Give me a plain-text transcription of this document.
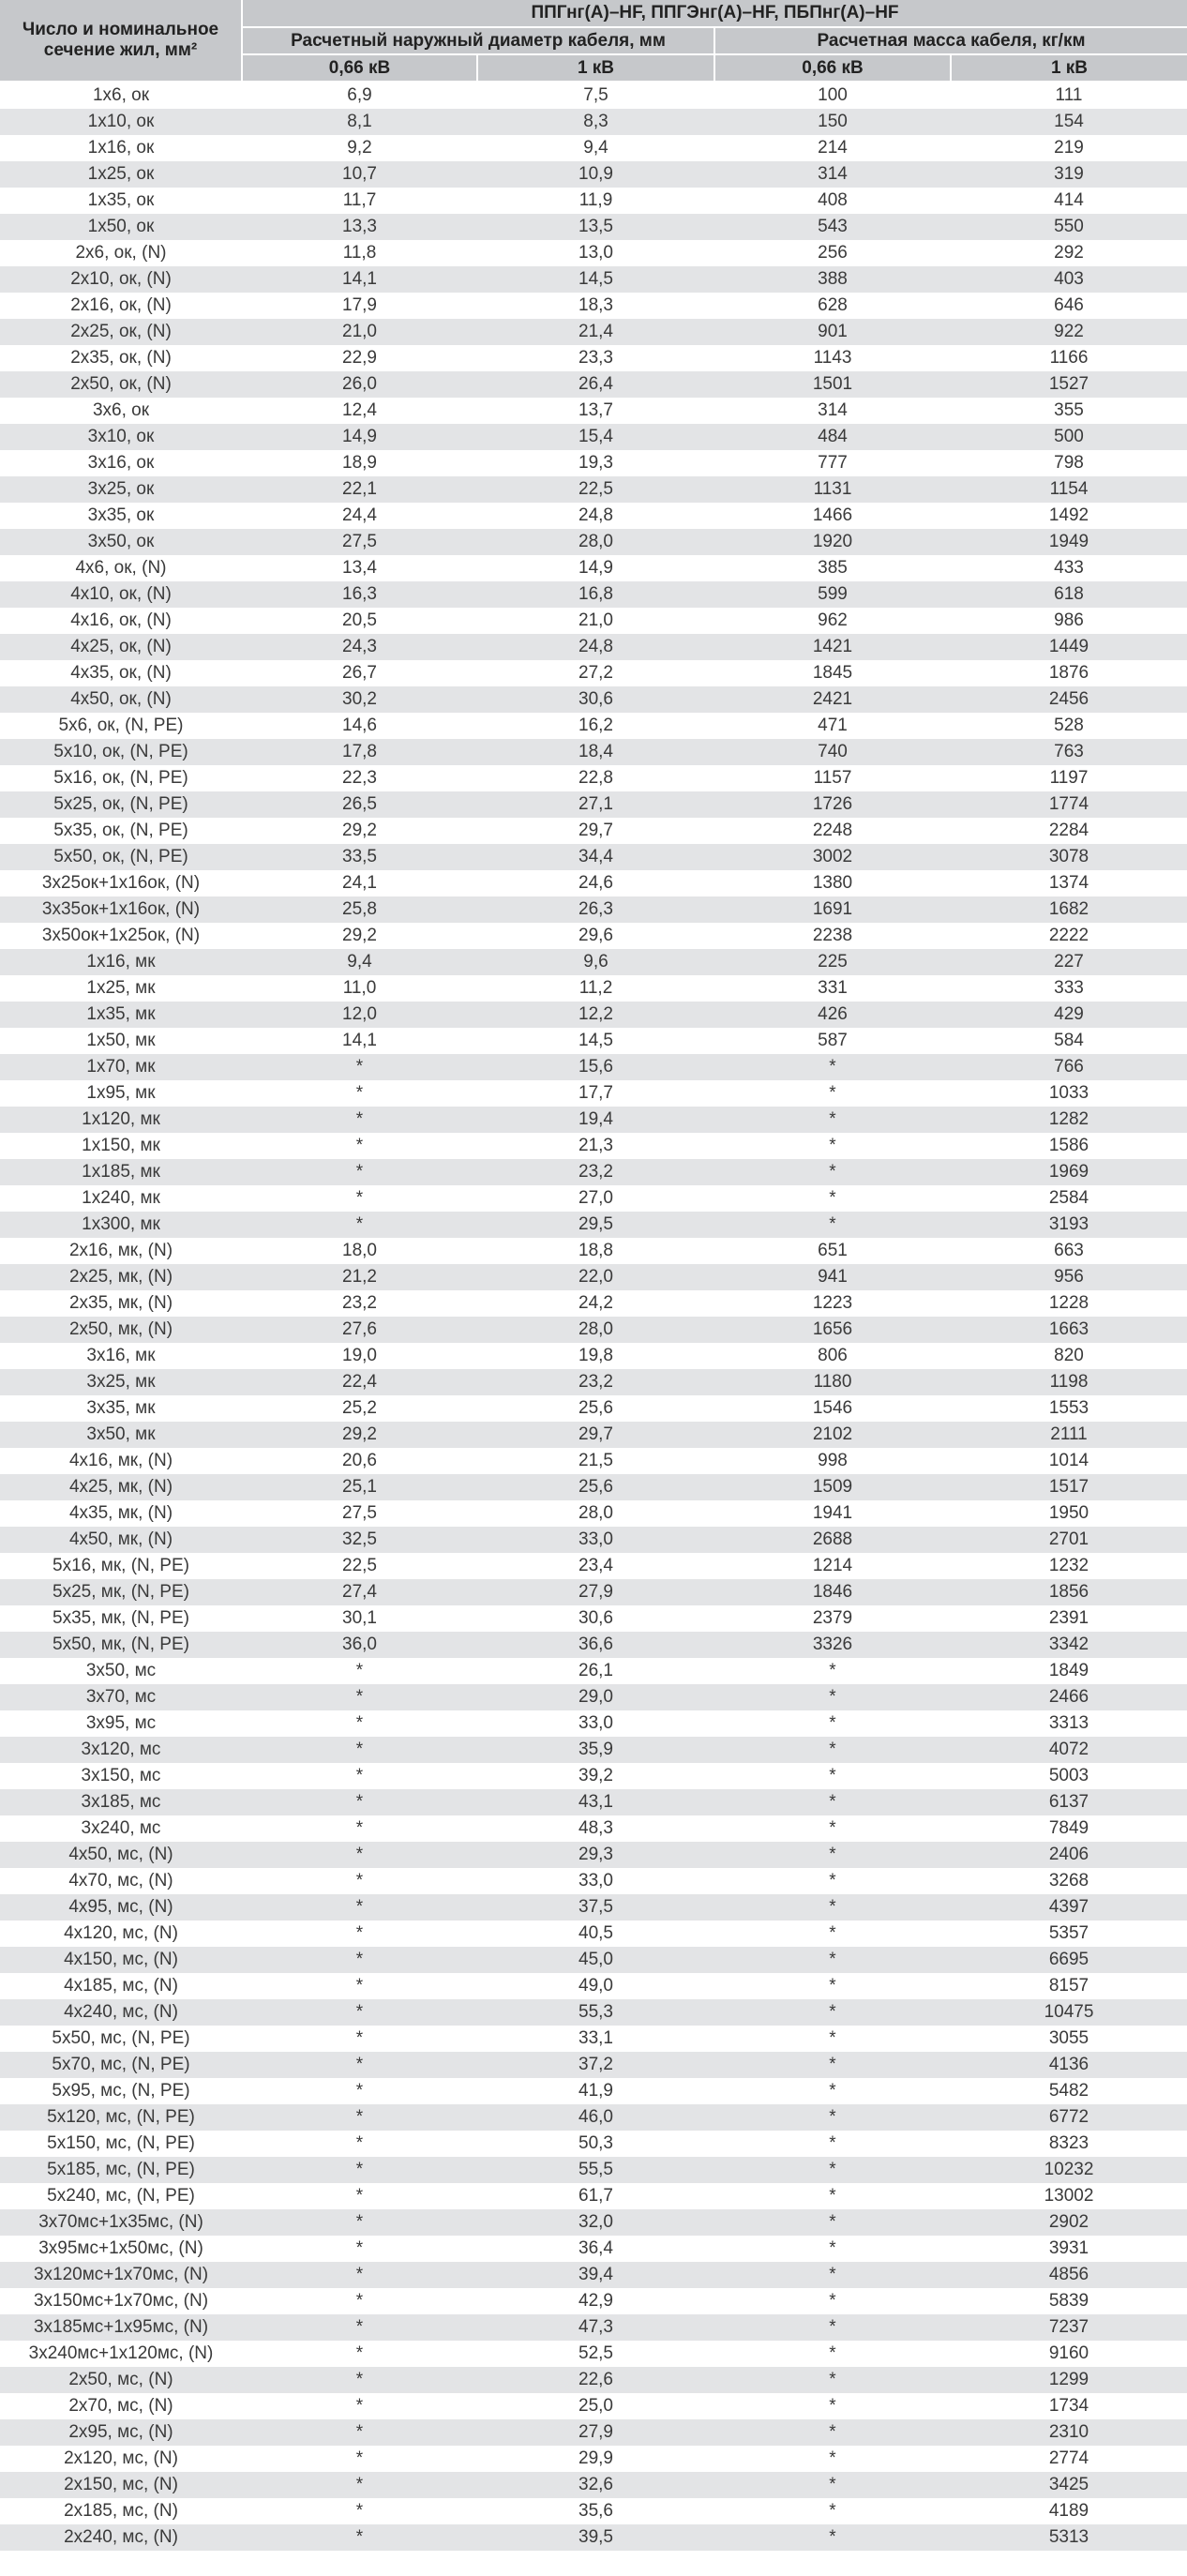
Число и номинальное сечение жил, мм²	ППГнг(А)–HF, ППГЭнг(А)–HF, ПБПнг(А)–HF			
	Расчетный наружный диаметр кабеля, мм		Расчетная масса кабеля, кг/км	
	0,66 кВ	1 кВ	0,66 кВ	1 кВ
1х6, ок	6,9	7,5	100	111
1х10, ок	8,1	8,3	150	154
1х16, ок	9,2	9,4	214	219
1х25, ок	10,7	10,9	314	319
1х35, ок	11,7	11,9	408	414
1х50, ок	13,3	13,5	543	550
2х6, ок, (N)	11,8	13,0	256	292
2х10, ок, (N)	14,1	14,5	388	403
2х16, ок, (N)	17,9	18,3	628	646
2х25, ок, (N)	21,0	21,4	901	922
2х35, ок, (N)	22,9	23,3	1143	1166
2х50, ок, (N)	26,0	26,4	1501	1527
3х6, ок	12,4	13,7	314	355
3х10, ок	14,9	15,4	484	500
3х16, ок	18,9	19,3	777	798
3х25, ок	22,1	22,5	1131	1154
3х35, ок	24,4	24,8	1466	1492
3х50, ок	27,5	28,0	1920	1949
4х6, ок, (N)	13,4	14,9	385	433
4х10, ок, (N)	16,3	16,8	599	618
4х16, ок, (N)	20,5	21,0	962	986
4х25, ок, (N)	24,3	24,8	1421	1449
4х35, ок, (N)	26,7	27,2	1845	1876
4х50, ок, (N)	30,2	30,6	2421	2456
5х6, ок, (N, PE)	14,6	16,2	471	528
5х10, ок, (N, PE)	17,8	18,4	740	763
5х16, ок, (N, PE)	22,3	22,8	1157	1197
5х25, ок, (N, PE)	26,5	27,1	1726	1774
5х35, ок, (N, PE)	29,2	29,7	2248	2284
5х50, ок, (N, PE)	33,5	34,4	3002	3078
3х25ок+1х16ок, (N)	24,1	24,6	1380	1374
3х35ок+1х16ок, (N)	25,8	26,3	1691	1682
3х50ок+1х25ок, (N)	29,2	29,6	2238	2222
1х16, мк	9,4	9,6	225	227
1х25, мк	11,0	11,2	331	333
1х35, мк	12,0	12,2	426	429
1х50, мк	14,1	14,5	587	584
1х70, мк	*	15,6	*	766
1х95, мк	*	17,7	*	1033
1х120, мк	*	19,4	*	1282
1х150, мк	*	21,3	*	1586
1х185, мк	*	23,2	*	1969
1х240, мк	*	27,0	*	2584
1х300, мк	*	29,5	*	3193
2х16, мк, (N)	18,0	18,8	651	663
2х25, мк, (N)	21,2	22,0	941	956
2х35, мк, (N)	23,2	24,2	1223	1228
2х50, мк, (N)	27,6	28,0	1656	1663
3х16, мк	19,0	19,8	806	820
3х25, мк	22,4	23,2	1180	1198
3х35, мк	25,2	25,6	1546	1553
3х50, мк	29,2	29,7	2102	2111
4х16, мк, (N)	20,6	21,5	998	1014
4х25, мк, (N)	25,1	25,6	1509	1517
4х35, мк, (N)	27,5	28,0	1941	1950
4х50, мк, (N)	32,5	33,0	2688	2701
5х16, мк, (N, PE)	22,5	23,4	1214	1232
5х25, мк, (N, PE)	27,4	27,9	1846	1856
5х35, мк, (N, PE)	30,1	30,6	2379	2391
5х50, мк, (N, PE)	36,0	36,6	3326	3342
3х50, мс	*	26,1	*	1849
3х70, мс	*	29,0	*	2466
3х95, мс	*	33,0	*	3313
3х120, мс	*	35,9	*	4072
3х150, мс	*	39,2	*	5003
3х185, мс	*	43,1	*	6137
3х240, мс	*	48,3	*	7849
4х50, мс, (N)	*	29,3	*	2406
4х70, мс, (N)	*	33,0	*	3268
4х95, мс, (N)	*	37,5	*	4397
4х120, мс, (N)	*	40,5	*	5357
4х150, мс, (N)	*	45,0	*	6695
4х185, мс, (N)	*	49,0	*	8157
4х240, мс, (N)	*	55,3	*	10475
5х50, мс, (N, PE)	*	33,1	*	3055
5х70, мс, (N, PE)	*	37,2	*	4136
5х95, мс, (N, PE)	*	41,9	*	5482
5х120, мс, (N, PE)	*	46,0	*	6772
5х150, мс, (N, PE)	*	50,3	*	8323
5х185, мс, (N, PE)	*	55,5	*	10232
5х240, мс, (N, PE)	*	61,7	*	13002
3х70мс+1х35мс, (N)	*	32,0	*	2902
3х95мс+1х50мс, (N)	*	36,4	*	3931
3х120мс+1х70мс, (N)	*	39,4	*	4856
3х150мс+1х70мс, (N)	*	42,9	*	5839
3х185мс+1х95мс, (N)	*	47,3	*	7237
3х240мс+1х120мс, (N)	*	52,5	*	9160
2х50, мс, (N)	*	22,6	*	1299
2х70, мс, (N)	*	25,0	*	1734
2х95, мс, (N)	*	27,9	*	2310
2х120, мс, (N)	*	29,9	*	2774
2х150, мс, (N)	*	32,6	*	3425
2х185, мс, (N)	*	35,6	*	4189
2х240, мс, (N)	*	39,5	*	5313
